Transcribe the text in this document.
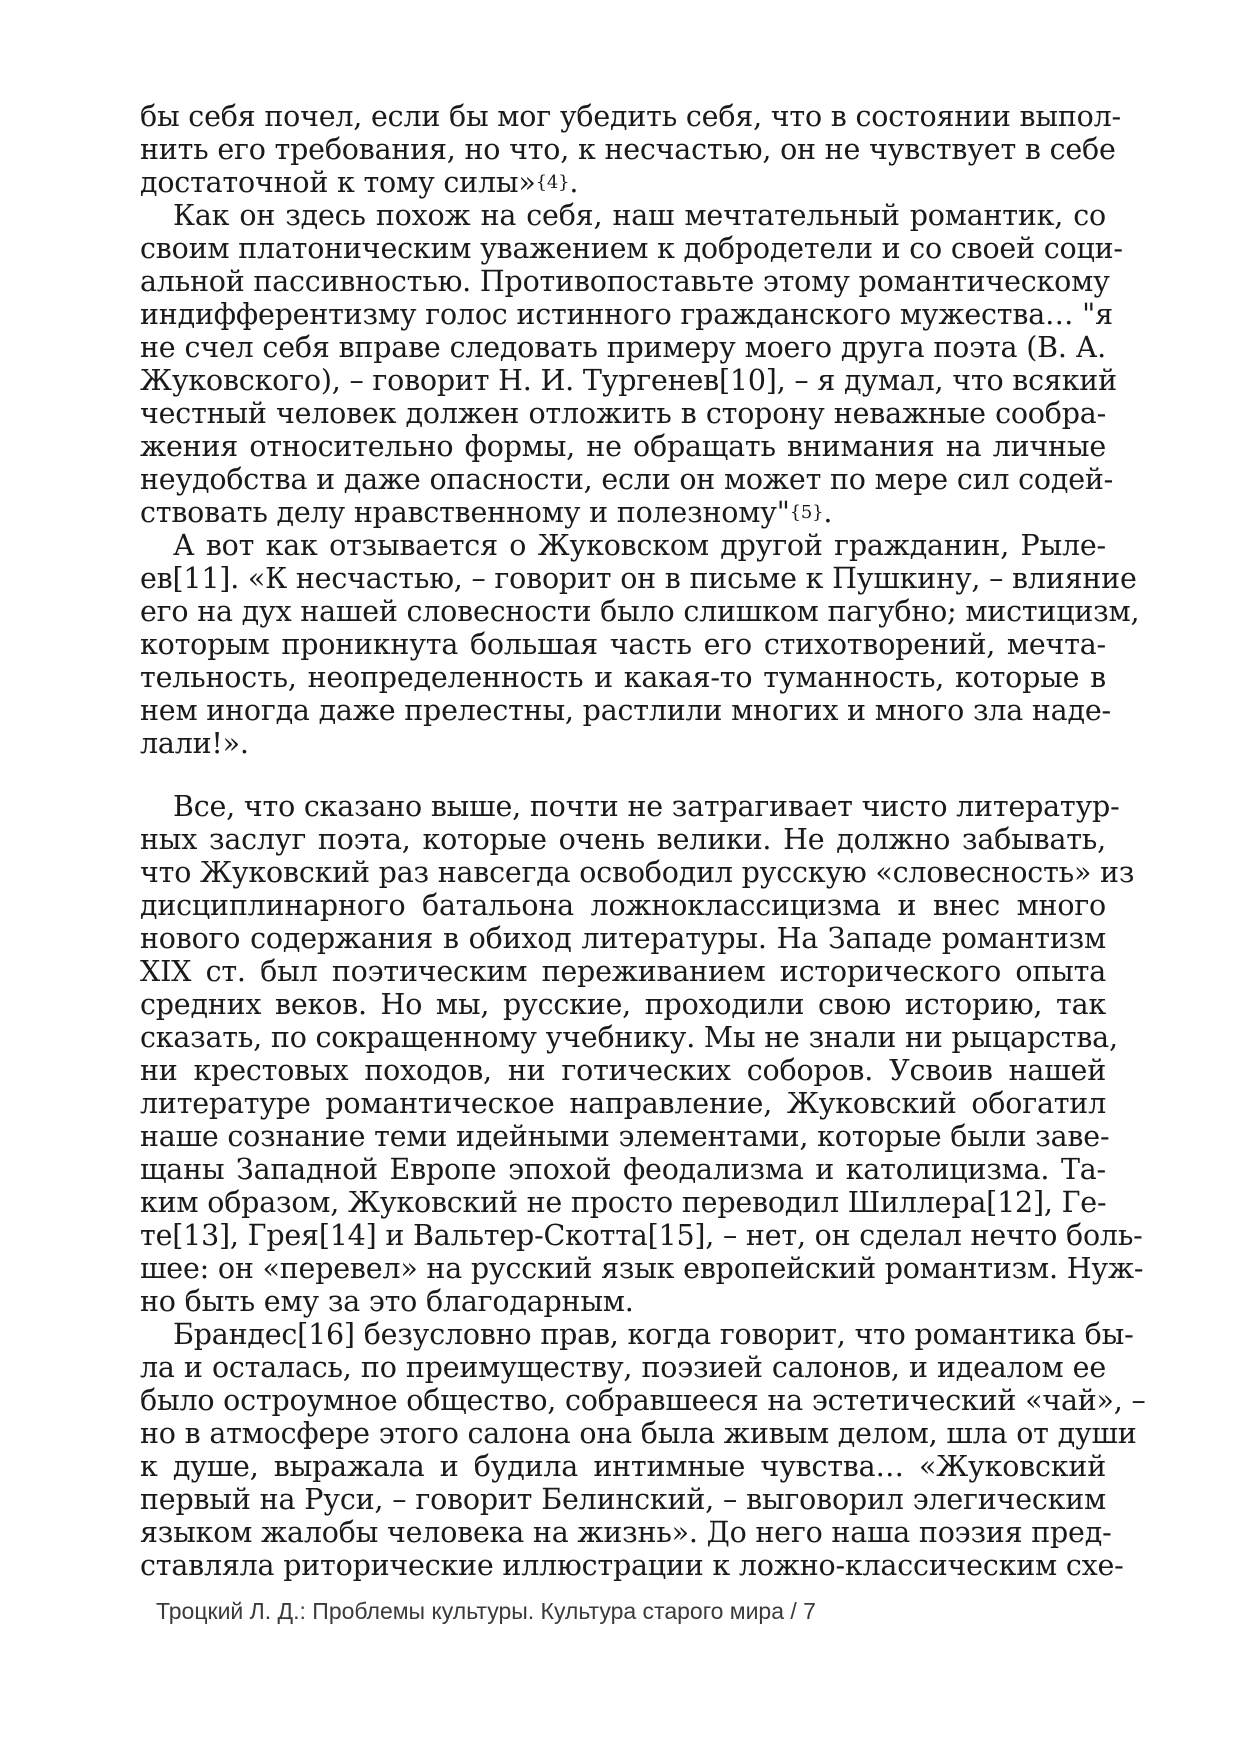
бы себя почел, если бы мог убедить себя, что в состоянии выпол-
нить его требования, но что, к несчастью, он не чувствует в себе
достаточной к тому силы»$^{\{4\}}$.
Как он здесь похож на себя, наш мечтательный романтик, со
своим платоническим уважением к добродетели и со своей соци-
альной пассивностью. Противопоставьте этому романтическому
индифферентизму голос истинного гражданского мужества… "я
не счел себя вправе следовать примеру моего друга поэта (В. А.
Жуковского), – говорит Н. И. Тургенев[10], – я думал, что всякий
честный человек должен отложить в сторону неважные сообра-
жения относительно формы, не обращать внимания на личные
неудобства и даже опасности, если он может по мере сил содей-
ствовать делу нравственному и полезному"$^{\{5\}}$.
А вот как отзывается о Жуковском другой гражданин, Рыле-
ев[11]. «К несчастью, – говорит он в письме к Пушкину, – влияние
его на дух нашей словесности было слишком пагубно; мистицизм,
которым проникнута большая часть его стихотворений, мечта-
тельность, неопределенность и какая-то туманность, которые в
нем иногда даже прелестны, растлили многих и много зла наде-
лали!».
Все, что сказано выше, почти не затрагивает чисто литератур-
ных заслуг поэта, которые очень велики. Не должно забывать,
что Жуковский раз навсегда освободил русскую «словесность» из
дисциплинарного батальона ложноклассицизма и внес много
нового содержания в обиход литературы. На Западе романтизм
XIX ст. был поэтическим переживанием исторического опыта
средних веков. Но мы, русские, проходили свою историю, так
сказать, по сокращенному учебнику. Мы не знали ни рыцарства,
ни крестовых походов, ни готических соборов. Усвоив нашей
литературе романтическое направление, Жуковский обогатил
наше сознание теми идейными элементами, которые были заве-
щаны Западной Европе эпохой феодализма и католицизма. Та-
ким образом, Жуковский не просто переводил Шиллера[12], Ге-
те[13], Грея[14] и Вальтер-Скотта[15], – нет, он сделал нечто боль-
шее: он «перевел» на русский язык европейский романтизм. Нуж-
но быть ему за это благодарным.
Брандес[16] безусловно прав, когда говорит, что романтика бы-
ла и осталась, по преимуществу, поэзией салонов, и идеалом ее
было остроумное общество, собравшееся на эстетический «чай», –
но в атмосфере этого салона она была живым делом, шла от души
к душе, выражала и будила интимные чувства… «Жуковский
первый на Руси, – говорит Белинский, – выговорил элегическим
языком жалобы человека на жизнь». До него наша поэзия пред-
ставляла риторические иллюстрации к ложно-классическим схе-
Троцкий Л. Д.: Проблемы культуры. Культура старого мира / 7
